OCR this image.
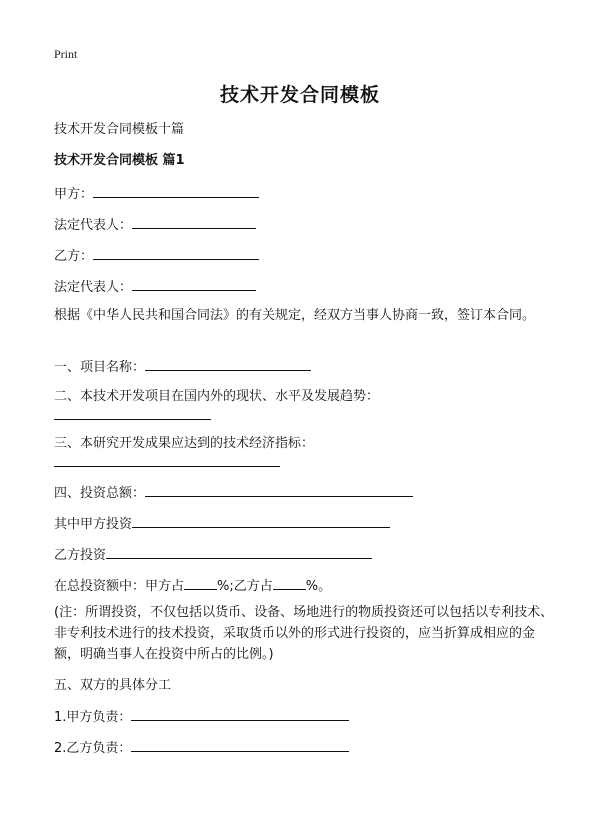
Print
技术开发合同模板
技术开发合同模板十篇
技术开发合同模板 篇1
甲方：
法定代表人：
乙方：
法定代表人：
根据《中华人民共和国合同法》的有关规定，经双方当事人协商一致，签订本合同。
一、项目名称：
二、本技术开发项目在国内外的现状、水平及发展趋势：
三、本研究开发成果应达到的技术经济指标：
四、投资总额：
其中甲方投资
乙方投资
在总投资额中：甲方占	%;乙方占	%。
(注：所谓投资，不仅包括以货币、设备、场地进行的物质投资还可以包括以专利技术、非专利技术进行的技术投资，采取货币以外的形式进行投资的，应当折算成相应的金额，明确当事人在投资中所占的比例。)
五、双方的具体分工
1.甲方负责：
2.乙方负责：
